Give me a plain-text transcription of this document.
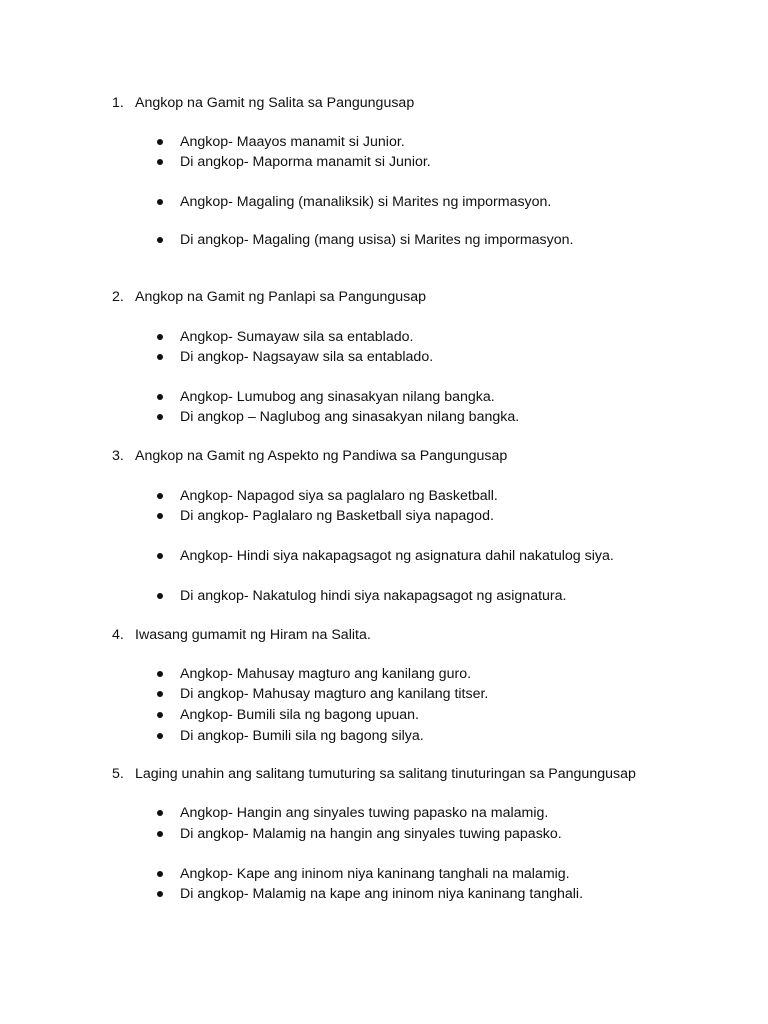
1. Angkop na Gamit ng Salita sa Pangungusap
Angkop- Maayos manamit si Junior.
Di angkop- Maporma manamit si Junior.
Angkop- Magaling (manaliksik) si Marites ng impormasyon.
Di angkop- Magaling (mang usisa) si Marites ng impormasyon.
2. Angkop na Gamit ng Panlapi sa Pangungusap
Angkop- Sumayaw sila sa entablado.
Di angkop- Nagsayaw sila sa entablado.
Angkop- Lumubog ang sinasakyan nilang bangka.
Di angkop – Naglubog ang sinasakyan nilang bangka.
3. Angkop na Gamit ng Aspekto ng Pandiwa sa Pangungusap
Angkop- Napagod siya sa paglalaro ng Basketball.
Di angkop- Paglalaro ng Basketball siya napagod.
Angkop- Hindi siya nakapagsagot ng asignatura dahil nakatulog siya.
Di angkop- Nakatulog hindi siya nakapagsagot ng asignatura.
4. Iwasang gumamit ng Hiram na Salita.
Angkop- Mahusay magturo ang kanilang guro.
Di angkop- Mahusay magturo ang kanilang titser.
Angkop- Bumili sila ng bagong upuan.
Di angkop- Bumili sila ng bagong silya.
5. Laging unahin ang salitang tumuturing sa salitang tinuturingan sa Pangungusap
Angkop- Hangin ang sinyales tuwing papasko na malamig.
Di angkop- Malamig na hangin ang sinyales tuwing papasko.
Angkop- Kape ang ininom niya kaninang tanghali na malamig.
Di angkop- Malamig na kape ang ininom niya kaninang tanghali.
